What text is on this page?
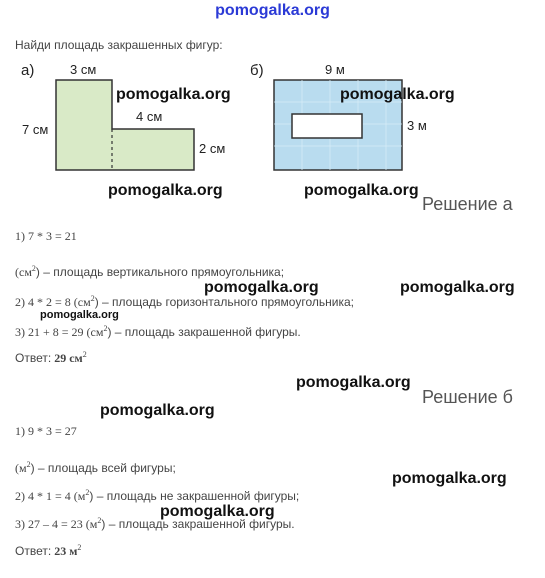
pomogalka.org
Найди площадь закрашенных фигур:
а)	3 см
7 см
4 см
2 см
б)	9 м
3 м
pomogalka.org	pomogalka.org
pomogalka.org	pomogalka.org
pomogalka.org	pomogalka.org
pomogalka.org
pomogalka.org
pomogalka.org
pomogalka.org
pomogalka.org
Решение а
1) 7 * 3 = 21
$(см^2)$ – площадь вертикального прямоугольника;
2) 4 * 2 = 8 $(см^2)$ – площадь горизонтального прямоугольника;
3) 21 + 8 = 29 $(см^2)$ – площадь закрашенной фигуры.
Ответ: 29 $см^2$
Решение б
1) 9 * 3 = 27
$(м^2)$ – площадь всей фигуры;
2) 4 * 1 = 4 $(м^2)$ – площадь не закрашенной фигуры;
3) 27 – 4 = 23 $(м^2)$ – площадь закрашенной фигуры.
Ответ: 23 $м^2$
